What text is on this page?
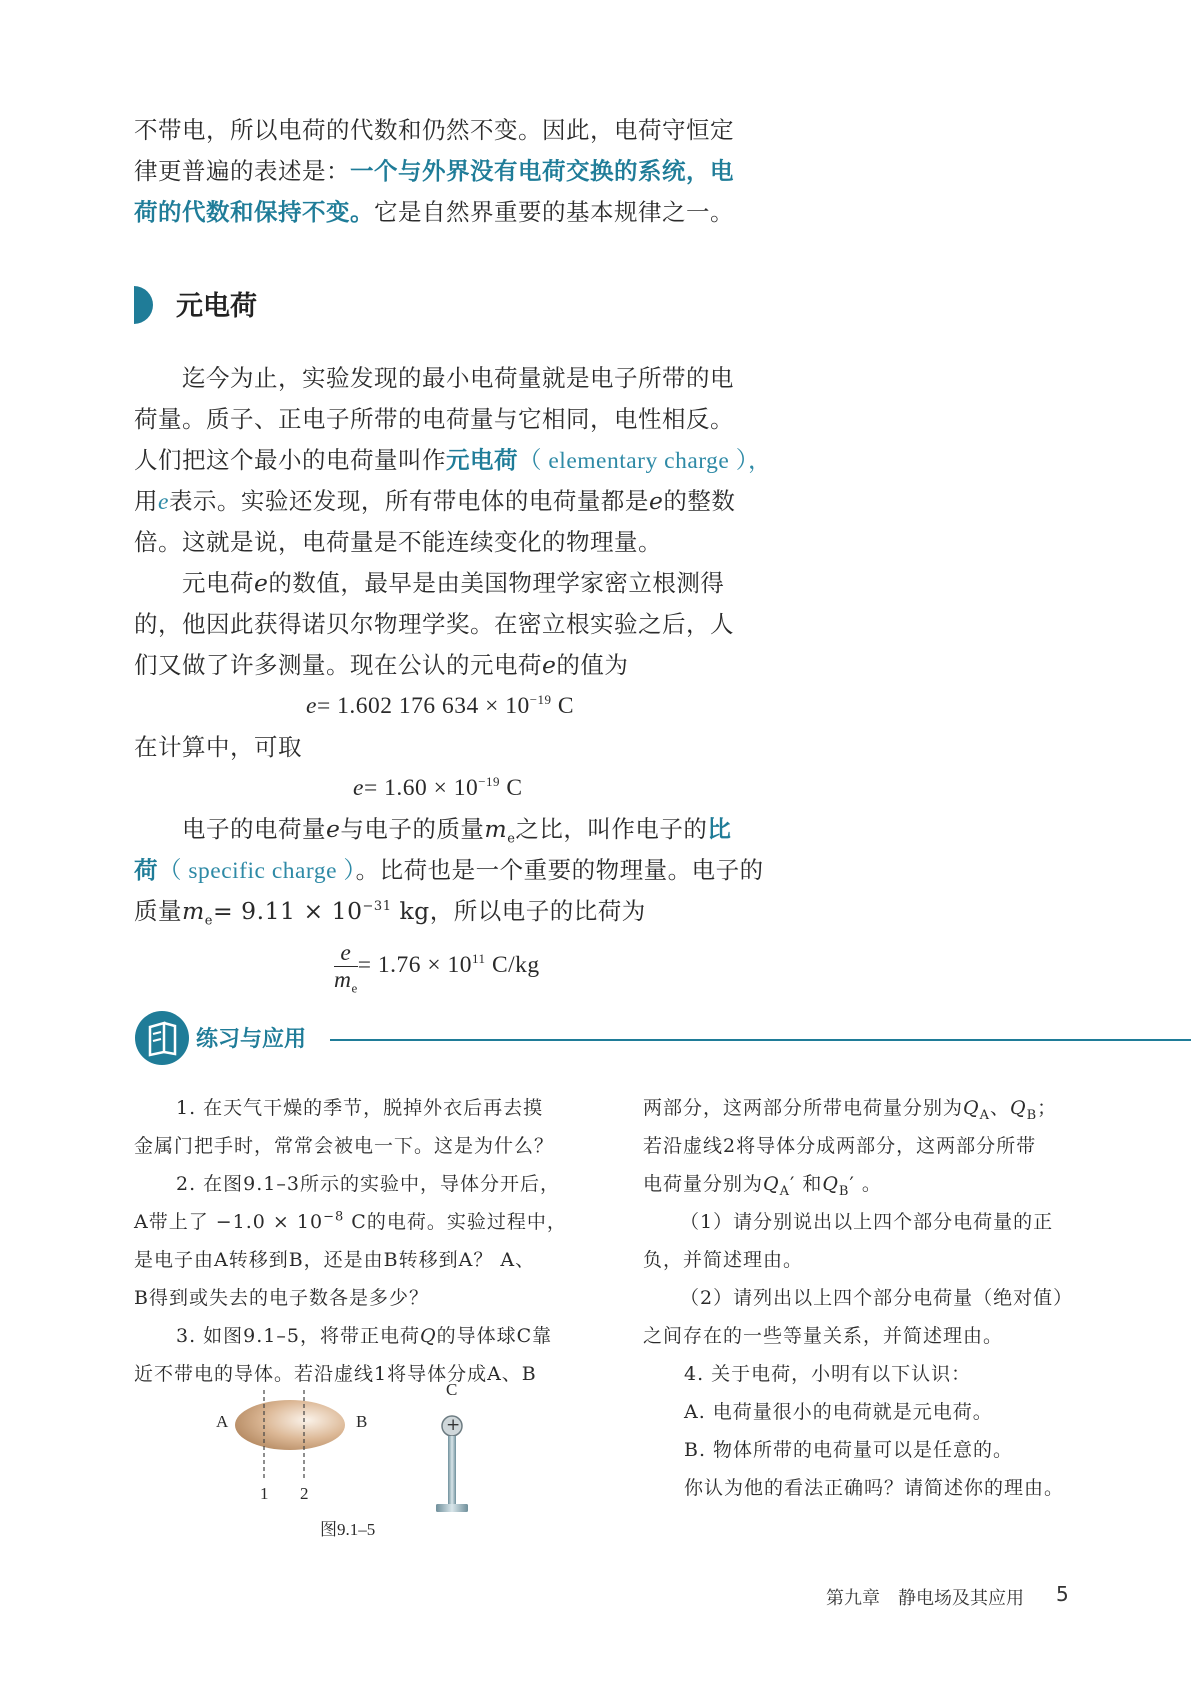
不带电，所以电荷的代数和仍然不变。因此，电荷守恒定
律更普遍的表述是：一个与外界没有电荷交换的系统，电
荷的代数和保持不变。它是自然界重要的基本规律之一。
元电荷
迄今为止，实验发现的最小电荷量就是电子所带的电
荷量。质子、正电子所带的电荷量与它相同，电性相反。
人们把这个最小的电荷量叫作元电荷（ elementary charge ），
用e表示。实验还发现，所有带电体的电荷量都是e的整数
倍。这就是说，电荷量是不能连续变化的物理量。
元电荷e的数值，最早是由美国物理学家密立根测得
的，他因此获得诺贝尔物理学奖。在密立根实验之后，人
们又做了许多测量。现在公认的元电荷e的值为
e= 1.602 176 $634 \times 10^{-19}$ C
在计算中，可取
$e= 1.60 \times 10^{-19}$ C
电子的电荷量e与电子的质量$m_e$之比，叫作电子的比
荷（ specific charge ）。比荷也是一个重要的物理量。电子的
质量$m_e= 9.11 \times 10^{-31}$ kg，所以电子的比荷为
$\frac{e}{m_e} = 1.76 \times 10^{11}$ C/kg
练习与应用
1. 在天气干燥的季节，脱掉外衣后再去摸
金属门把手时，常常会被电一下。这是为什么？
2. 在图9.1–3所示的实验中，导体分开后，
A带上了 $-1.0 \times 10^{-8}$ C的电荷。实验过程中，
是电子由A转移到B，还是由B转移到A？ A、
B得到或失去的电子数各是多少？
3. 如图9.1–5，将带正电荷Q的导体球C靠
近不带电的导体。若沿虚线1将导体分成A、B
A	B
C
+
1 2
图9.1–5
两部分，这两部分所带电荷量分别为$Q_A$、$Q_B$；
若沿虚线2将导体分成两部分，这两部分所带
电荷量分别为$Q_A'$ 和$Q_B'$ 。
（1）请分别说出以上四个部分电荷量的正
负，并简述理由。
（2）请列出以上四个部分电荷量（绝对值）
之间存在的一些等量关系，并简述理由。
4. 关于电荷，小明有以下认识：
A. 电荷量很小的电荷就是元电荷。
B. 物体所带的电荷量可以是任意的。
你认为他的看法正确吗？请简述你的理由。
第九章　静电场及其应用 5
